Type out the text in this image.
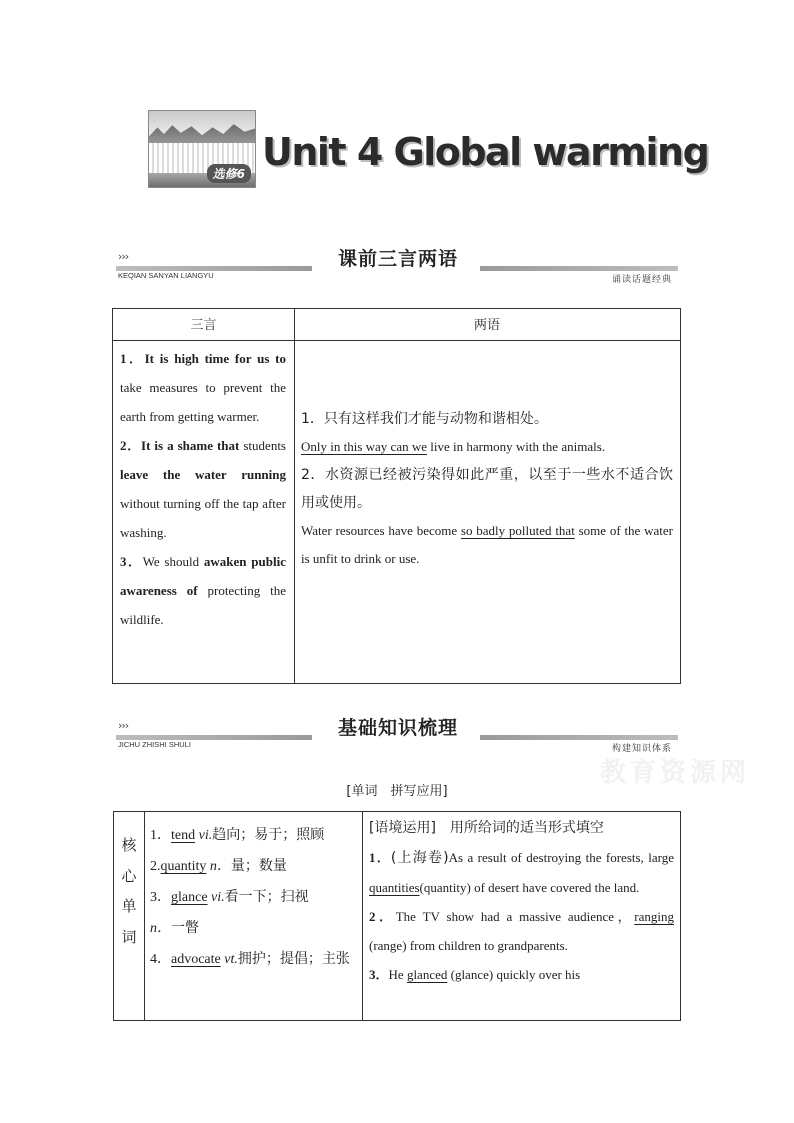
选修6 Unit 4 Global warming
›››
KEQIAN SANYAN LIANGYU
课前三言两语
诵读话题经典
三言	两语

1．It is high time for us to take measures to prevent the earth from getting warmer.

2．It is a shame that students leave the water running without turning off the tap after washing.

3．We should awaken public awareness of protecting the wildlife.

1．只有这样我们才能与动物和谐相处。

Only in this way can we live in harmony with the animals.

2．水资源已经被污染得如此严重，以至于一些水不适合饮用或使用。

Water resources have become so badly polluted that some of the water is unfit to drink or use.

›››
JICHU ZHISHI SHULI
基础知识梳理
构建知识体系
教育资源网
[单词　拼写应用]
核
心
单
词
1．tend vi.趋向；易于；照顾
2.quantity n．量；数量
3．glance vi.看一下；扫视
n．一瞥
4．advocate vt.拥护；提倡；主张
[语境运用]　用所给词的适当形式填空
1．(上海卷)As a result of destroying the forests, large quantities(quantity) of desert have covered the land.
2．The TV show had a massive audience，ranging (range) from children to grandparents.
3．He glanced (glance) quickly over his
